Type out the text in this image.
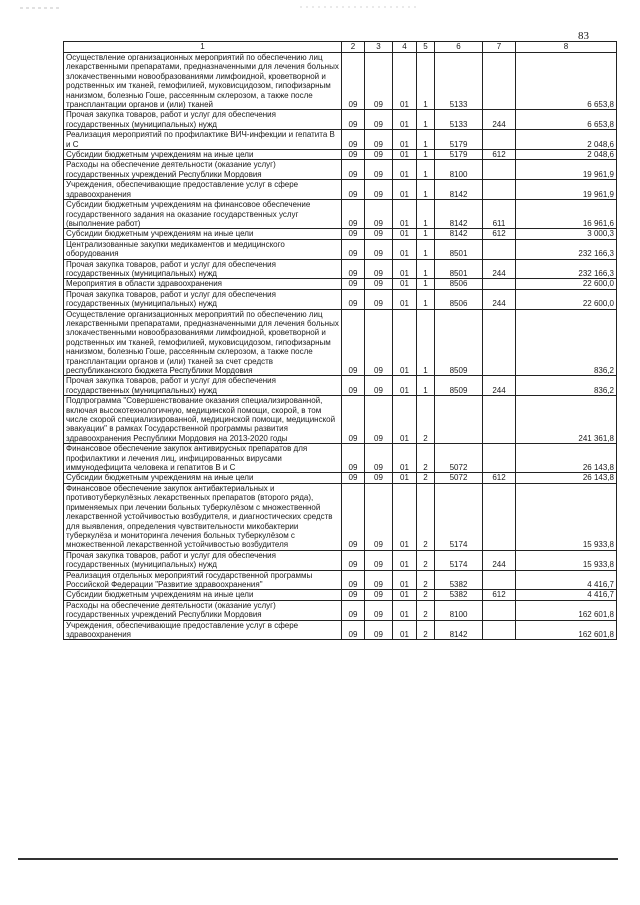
83
1	2	3	4	5	6	7	8
Осуществление организационных мероприятий по обеспечению лиц лекарственными препаратами, предназначенными для лечения больных злокачественными новообразованиями лимфоидной, кроветворной и родственных им тканей, гемофилией, муковисцидозом, гипофизарным нанизмом, болезнью Гоше, рассеянным склерозом, а также после трансплантации органов и (или) тканей	09	09	01	1	5133		6 653,8
Прочая закупка товаров, работ и услуг для обеспечения государственных (муниципальных) нужд	09	09	01	1	5133	244	6 653,8
Реализация мероприятий по профилактике ВИЧ-инфекции и гепатита В и С	09	09	01	1	5179		2 048,6
Субсидии бюджетным учреждениям на иные цели	09	09	01	1	5179	612	2 048,6
Расходы на обеспечение деятельности (оказание услуг) государственных учреждений Республики Мордовия	09	09	01	1	8100		19 961,9
Учреждения, обеспечивающие предоставление услуг в сфере здравоохранения	09	09	01	1	8142		19 961,9
Субсидии бюджетным учреждениям на финансовое обеспечение государственного задания на оказание государственных услуг (выполнение работ)	09	09	01	1	8142	611	16 961,6
Субсидии бюджетным учреждениям на иные цели	09	09	01	1	8142	612	3 000,3
Централизованные закупки медикаментов и медицинского оборудования	09	09	01	1	8501		232 166,3
Прочая закупка товаров, работ и услуг для обеспечения государственных (муниципальных) нужд	09	09	01	1	8501	244	232 166,3
Мероприятия в области здравоохранения	09	09	01	1	8506		22 600,0
Прочая закупка товаров, работ и услуг для обеспечения государственных (муниципальных) нужд	09	09	01	1	8506	244	22 600,0
Осуществление организационных мероприятий по обеспечению лиц лекарственными препаратами, предназначенными для лечения больных злокачественными новообразованиями лимфоидной, кроветворной и родственных им тканей, гемофилией, муковисцидозом, гипофизарным нанизмом, болезнью Гоше, рассеянным склерозом, а также после трансплантации органов и (или) тканей за счет средств республиканского бюджета Республики Мордовия	09	09	01	1	8509		836,2
Прочая закупка товаров, работ и услуг для обеспечения государственных (муниципальных) нужд	09	09	01	1	8509	244	836,2
Подпрограмма "Совершенствование оказания специализированной, включая высокотехнологичную, медицинской помощи, скорой, в том числе скорой специализированной, медицинской помощи, медицинской эвакуации" в рамках Государственной программы развития здравоохранения Республики Мордовия на 2013-2020 годы	09	09	01	2			241 361,8
Финансовое обеспечение закупок антивирусных препаратов для профилактики и лечения лиц, инфицированных вирусами иммунодефицита человека и гепатитов В и С	09	09	01	2	5072		26 143,8
Субсидии бюджетным учреждениям на иные цели	09	09	01	2	5072	612	26 143,8
Финансовое обеспечение закупок антибактериальных и противотуберкулёзных лекарственных препаратов (второго ряда), применяемых при лечении больных туберкулёзом с множественной лекарственной устойчивостью возбудителя, и диагностических средств для выявления, определения чувствительности микобактерии туберкулёза и мониторинга лечения больных туберкулёзом с множественной лекарственной устойчивостью возбудителя	09	09	01	2	5174		15 933,8
Прочая закупка товаров, работ и услуг для обеспечения государственных (муниципальных) нужд	09	09	01	2	5174	244	15 933,8
Реализация отдельных мероприятий государственной программы Российской Федерации "Развитие здравоохранения"	09	09	01	2	5382		4 416,7
Субсидии бюджетным учреждениям на иные цели	09	09	01	2	5382	612	4 416,7
Расходы на обеспечение деятельности (оказание услуг) государственных учреждений Республики Мордовия	09	09	01	2	8100		162 601,8
Учреждения, обеспечивающие предоставление услуг в сфере здравоохранения	09	09	01	2	8142		162 601,8
